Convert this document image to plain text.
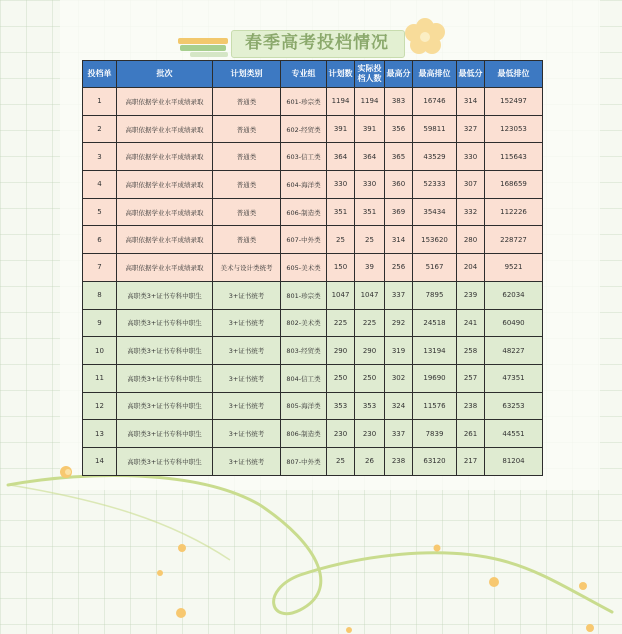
春季高考投档情况
投档单	批次	计划类别	专业组	计划数	实际投档人数	最高分	最高排位	最低分	最低排位
1	高职依据学业水平成绩录取	普通类	601-珍宗类	1194	1194	383	16746	314	152497
2	高职依据学业水平成绩录取	普通类	602-经贸类	391	391	356	59811	327	123053
3	高职依据学业水平成绩录取	普通类	603-信工类	364	364	365	43529	330	115643
4	高职依据学业水平成绩录取	普通类	604-海洋类	330	330	360	52333	307	168659
5	高职依据学业水平成绩录取	普通类	606-制造类	351	351	369	35434	332	112226
6	高职依据学业水平成绩录取	普通类	607-中外类	25	25	314	153620	280	228727
7	高职依据学业水平成绩录取	美术与设计类统考	605-美术类	150	39	256	5167	204	9521
8	高职类3+证书专科中职生	3+证书统考	801-珍宗类	1047	1047	337	7895	239	62034
9	高职类3+证书专科中职生	3+证书统考	802-美术类	225	225	292	24518	241	60490
10	高职类3+证书专科中职生	3+证书统考	803-经贸类	290	290	319	13194	258	48227
11	高职类3+证书专科中职生	3+证书统考	804-信工类	250	250	302	19690	257	47351
12	高职类3+证书专科中职生	3+证书统考	805-海洋类	353	353	324	11576	238	63253
13	高职类3+证书专科中职生	3+证书统考	806-制造类	230	230	337	7839	261	44551
14	高职类3+证书专科中职生	3+证书统考	807-中外类	25	26	238	63120	217	81204
